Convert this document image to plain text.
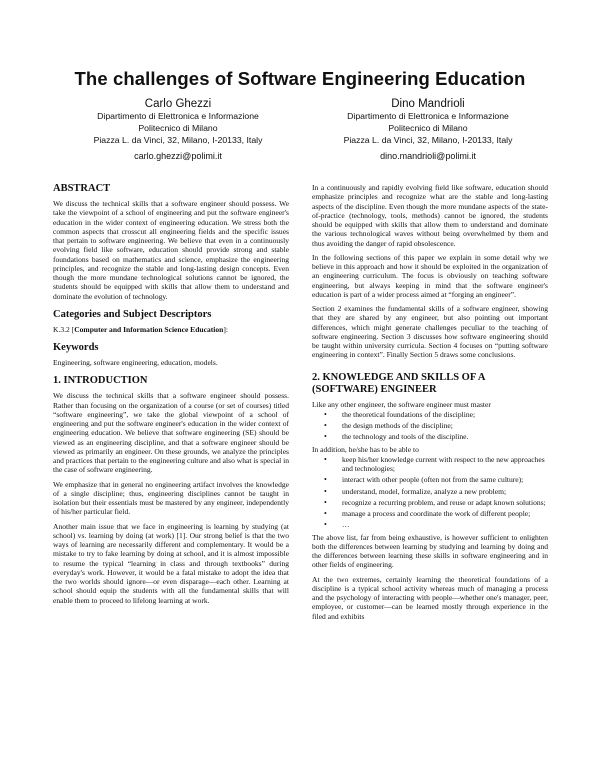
The challenges of Software Engineering Education
Carlo Ghezzi
Dipartimento di Elettronica e Informazione
Politecnico di Milano
Piazza L. da Vinci, 32, Milano, I-20133, Italy
carlo.ghezzi@polimi.it
Dino Mandrioli
Dipartimento di Elettronica e Informazione
Politecnico di Milano
Piazza L. da Vinci, 32, Milano, I-20133, Italy
dino.mandrioli@polimi.it
ABSTRACT

We discuss the technical skills that a software engineer should possess. We take the viewpoint of a school of engineering and put the software engineer's education in the wider context of engineering education. We stress both the common aspects that crosscut all engineering fields and the specific issues that pertain to software engineering. We believe that even in a continuously evolving field like software, education should provide strong and stable foundations based on mathematics and science, emphasize the engineering principles, and recognize the stable and long-lasting design concepts. Even though the more mundane technological solutions cannot be ignored, the students should be equipped with skills that allow them to understand and dominate the evolution of technology.

Categories and Subject Descriptors

K.3.2 [Computer and Information Science Education]:

Keywords

Engineering, software engineering, education, models.

1. INTRODUCTION

We discuss the technical skills that a software engineer should possess. Rather than focusing on the organization of a course (or set of courses) titled “software engineering”, we take the global viewpoint of a school of engineering and put the software engineer's education in the wider context of engineering education. We believe that software engineering (SE) should be viewed as an engineering discipline, and that a software engineer should be viewed as primarily an engineer. On these grounds, we analyze the principles and practices that pertain to the engineering culture and also what is special in the case of software engineering.

We emphasize that in general no engineering artifact involves the knowledge of a single discipline; thus, engineering disciplines cannot be taught in isolation but their essentials must be mastered by any engineer, independently of his/her particular field.

Another main issue that we face in engineering is learning by studying (at school) vs. learning by doing (at work) [1]. Our strong belief is that the two ways of learning are necessarily different and complementary. It would be a mistake to try to fake learning by doing at school, and it is almost impossible to resume the typical “learning in class and through textbooks” during everyday's work. However, it would be a fatal mistake to adopt the idea that the two worlds should ignore—or even disparage—each other. Learning at school should equip the students with all the fundamental skills that will enable them to proceed to lifelong learning at work.

In a continuously and rapidly evolving field like software, education should emphasize principles and recognize what are the stable and long-lasting aspects of the discipline. Even though the more mundane aspects of the state-of-practice (technology, tools, methods) cannot be ignored, the students should be equipped with skills that allow them to understand and dominate the various technological waves without being overwhelmed by them and thus avoiding the danger of rapid obsolescence.

In the following sections of this paper we explain in some detail why we believe in this approach and how it should be exploited in the organization of an engineering curriculum. The focus is obviously on teaching software engineering, but always keeping in mind that the software engineer's education is part of a wider process aimed at “forging an engineer”.

Section 2 examines the fundamental skills of a software engineer, showing that they are shared by any engineer, but also pointing out important differences, which might generate challenges peculiar to the teaching of software engineering. Section 3 discusses how software engineering should be taught within university curricula. Section 4 focuses on “putting software engineering in context”. Finally Section 5 draws some conclusions.

2. KNOWLEDGE AND SKILLS OF A
(SOFTWARE) ENGINEER

Like any other engineer, the software engineer must master

• the theoretical foundations of the discipline;
• the design methods of the discipline;
• the technology and tools of the discipline.

In addition, he/she has to be able to

• keep his/her knowledge current with respect to the new approaches and technologies;
• interact with other people (often not from the same culture);
• understand, model, formalize, analyze a new problem;
• recognize a recurring problem, and reuse or adapt known solutions;
• manage a process and coordinate the work of different people;
• …

The above list, far from being exhaustive, is however sufficient to enlighten both the differences between learning by studying and learning by doing and the differences between learning these skills in software engineering and in other fields of engineering.

At the two extremes, certainly learning the theoretical foundations of a discipline is a typical school activity whereas much of managing a process and the psychology of interacting with people—whether one's manager, peer, employee, or customer—can be learned mostly through experience in the filed and exhibits
